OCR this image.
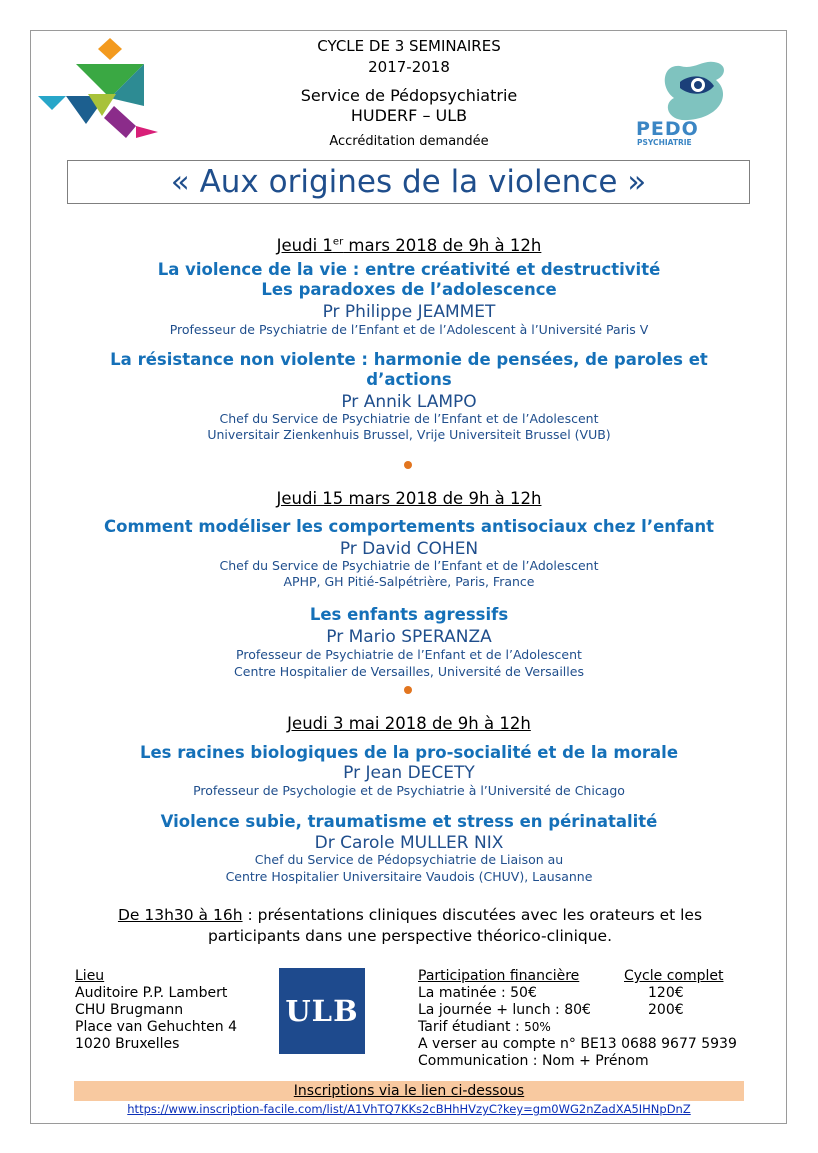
CYCLE DE 3 SEMINAIRES
2017-2018
Service de Pédopsychiatrie
HUDERF – ULB
Accréditation demandée
PEDO
PSYCHIATRIE
« Aux origines de la violence »
Jeudi 1er mars 2018 de 9h à 12h
La violence de la vie : entre créativité et destructivité
Les paradoxes de l’adolescence
Pr Philippe JEAMMET
Professeur de Psychiatrie de l’Enfant et de l’Adolescent à l’Université Paris V
La résistance non violente : harmonie de pensées, de paroles et
d’actions
Pr Annik LAMPO
Chef du Service de Psychiatrie de l’Enfant et de l’Adolescent
Universitair Zienkenhuis Brussel, Vrije Universiteit Brussel (VUB)
Jeudi 15 mars 2018 de 9h à 12h
Comment modéliser les comportements antisociaux chez l’enfant
Pr David COHEN
Chef du Service de Psychiatrie de l’Enfant et de l’Adolescent
APHP, GH Pitié-Salpétrière, Paris, France
Les enfants agressifs
Pr Mario SPERANZA
Professeur de Psychiatrie de l’Enfant et de l’Adolescent
Centre Hospitalier de Versailles, Université de Versailles
Jeudi 3 mai 2018 de 9h à 12h
Les racines biologiques de la pro-socialité et de la morale
Pr Jean DECETY
Professeur de Psychologie et de Psychiatrie à l’Université de Chicago
Violence subie, traumatisme et stress en périnatalité
Dr Carole MULLER NIX
Chef du Service de Pédopsychiatrie de Liaison au
Centre Hospitalier Universitaire Vaudois (CHUV), Lausanne
De 13h30 à 16h : présentations cliniques discutées avec les orateurs et les
participants dans une perspective théorico-clinique.
Lieu
Auditoire P.P. Lambert
CHU Brugmann
Place van Gehuchten 4
1020 Bruxelles
ULB
Participation financière	Cycle complet
La matinée : 50€	120€
La journée + lunch : 80€	200€
Tarif étudiant : 50%
A verser au compte n° BE13 0688 9677 5939
Communication : Nom + Prénom
Inscriptions via le lien ci-dessous
https://www.inscription-facile.com/list/A1VhTQ7KKs2cBHhHVzyC?key=gm0WG2nZadXA5IHNpDnZ
